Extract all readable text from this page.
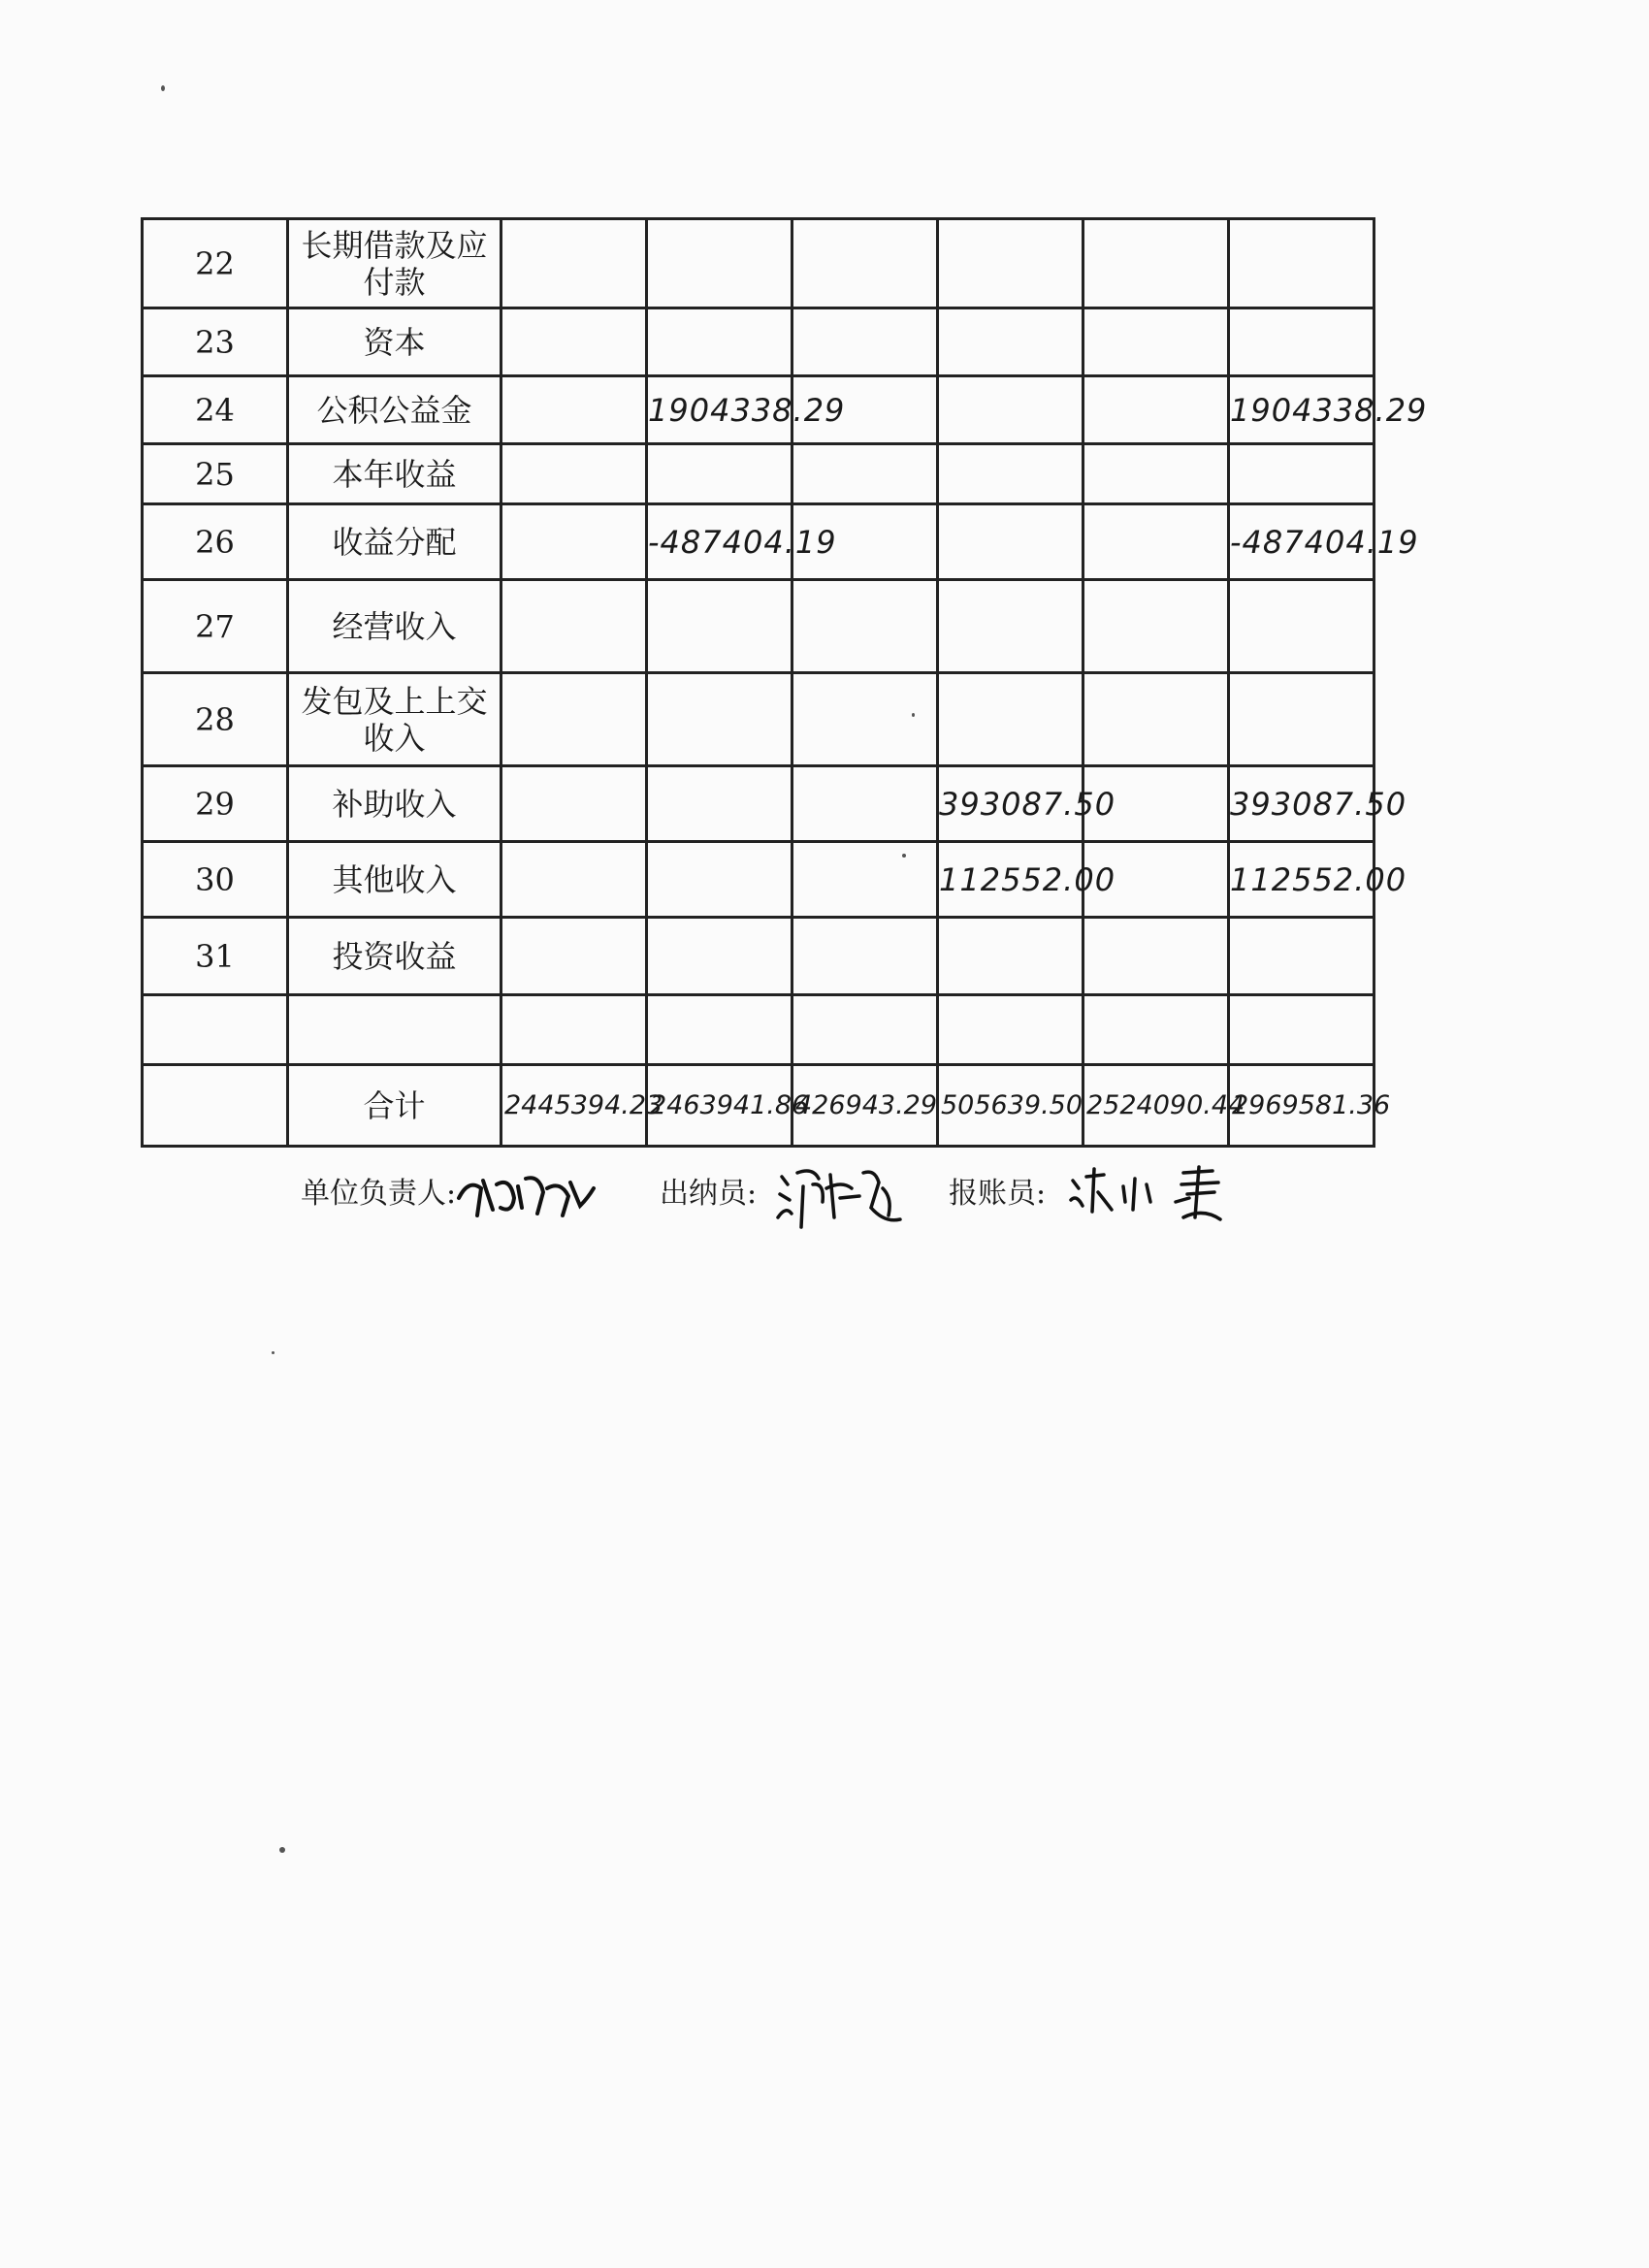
22	长期借款及应付款						
23	资本						
24	公积公益金		1904338.29				1904338.29
25	本年收益						
26	收益分配		-487404.19				-487404.19
27	经营收入						
28	发包及上上交收入						
29	补助收入				393087.50		393087.50
30	其他收入				112552.00		112552.00
31	投资收益						

	合计	2445394.23	2463941.86	426943.29	505639.50	2524090.44	2969581.36
单位负责人:	出纳员:	报账员:
